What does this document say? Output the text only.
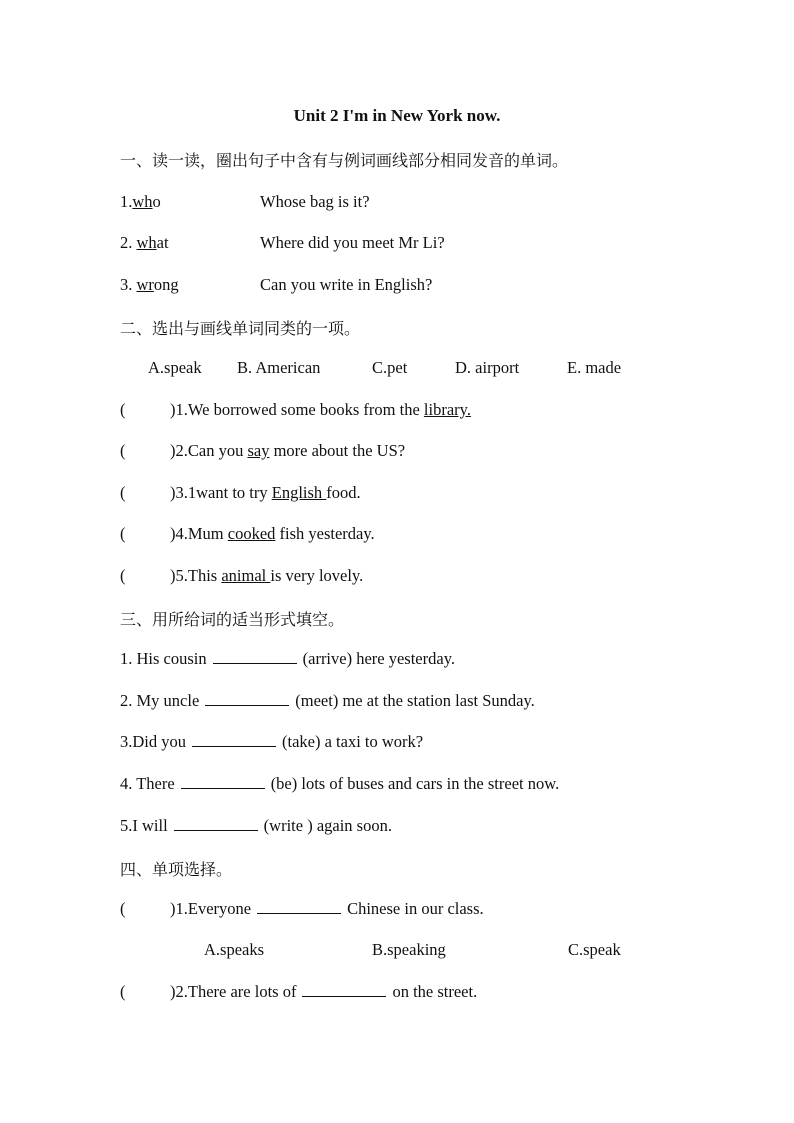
Unit 2 I'm in New York now.
一、读一读，圈出句子中含有与例词画线部分相同发音的单词。
1.who	Whose bag is it?
2. what	Where did you meet Mr Li?
3. wrong	Can you write in English?
二、选出与画线单词同类的一项。
A.speak B. American	C.pet	D. airport	E. made
(	)1.We borrowed some books from the library.
(	)2.Can you say more about the US?
(	)3.1want to try English food.
(	)4.Mum cooked fish yesterday.
(	)5.This animal is very lovely.
三、用所给词的适当形式填空。
1. His cousin	(arrive) here yesterday.
2. My uncle	(meet) me at the station last Sunday.
3.Did you	(take) a taxi to work?
4. There	(be) lots of buses and cars in the street now.
5.I will	(write ) again soon.
四、单项选择。
(	)1.Everyone	Chinese in our class.
A.speaks	B.speaking	C.speak
(	)2.There are lots of	on the street.
